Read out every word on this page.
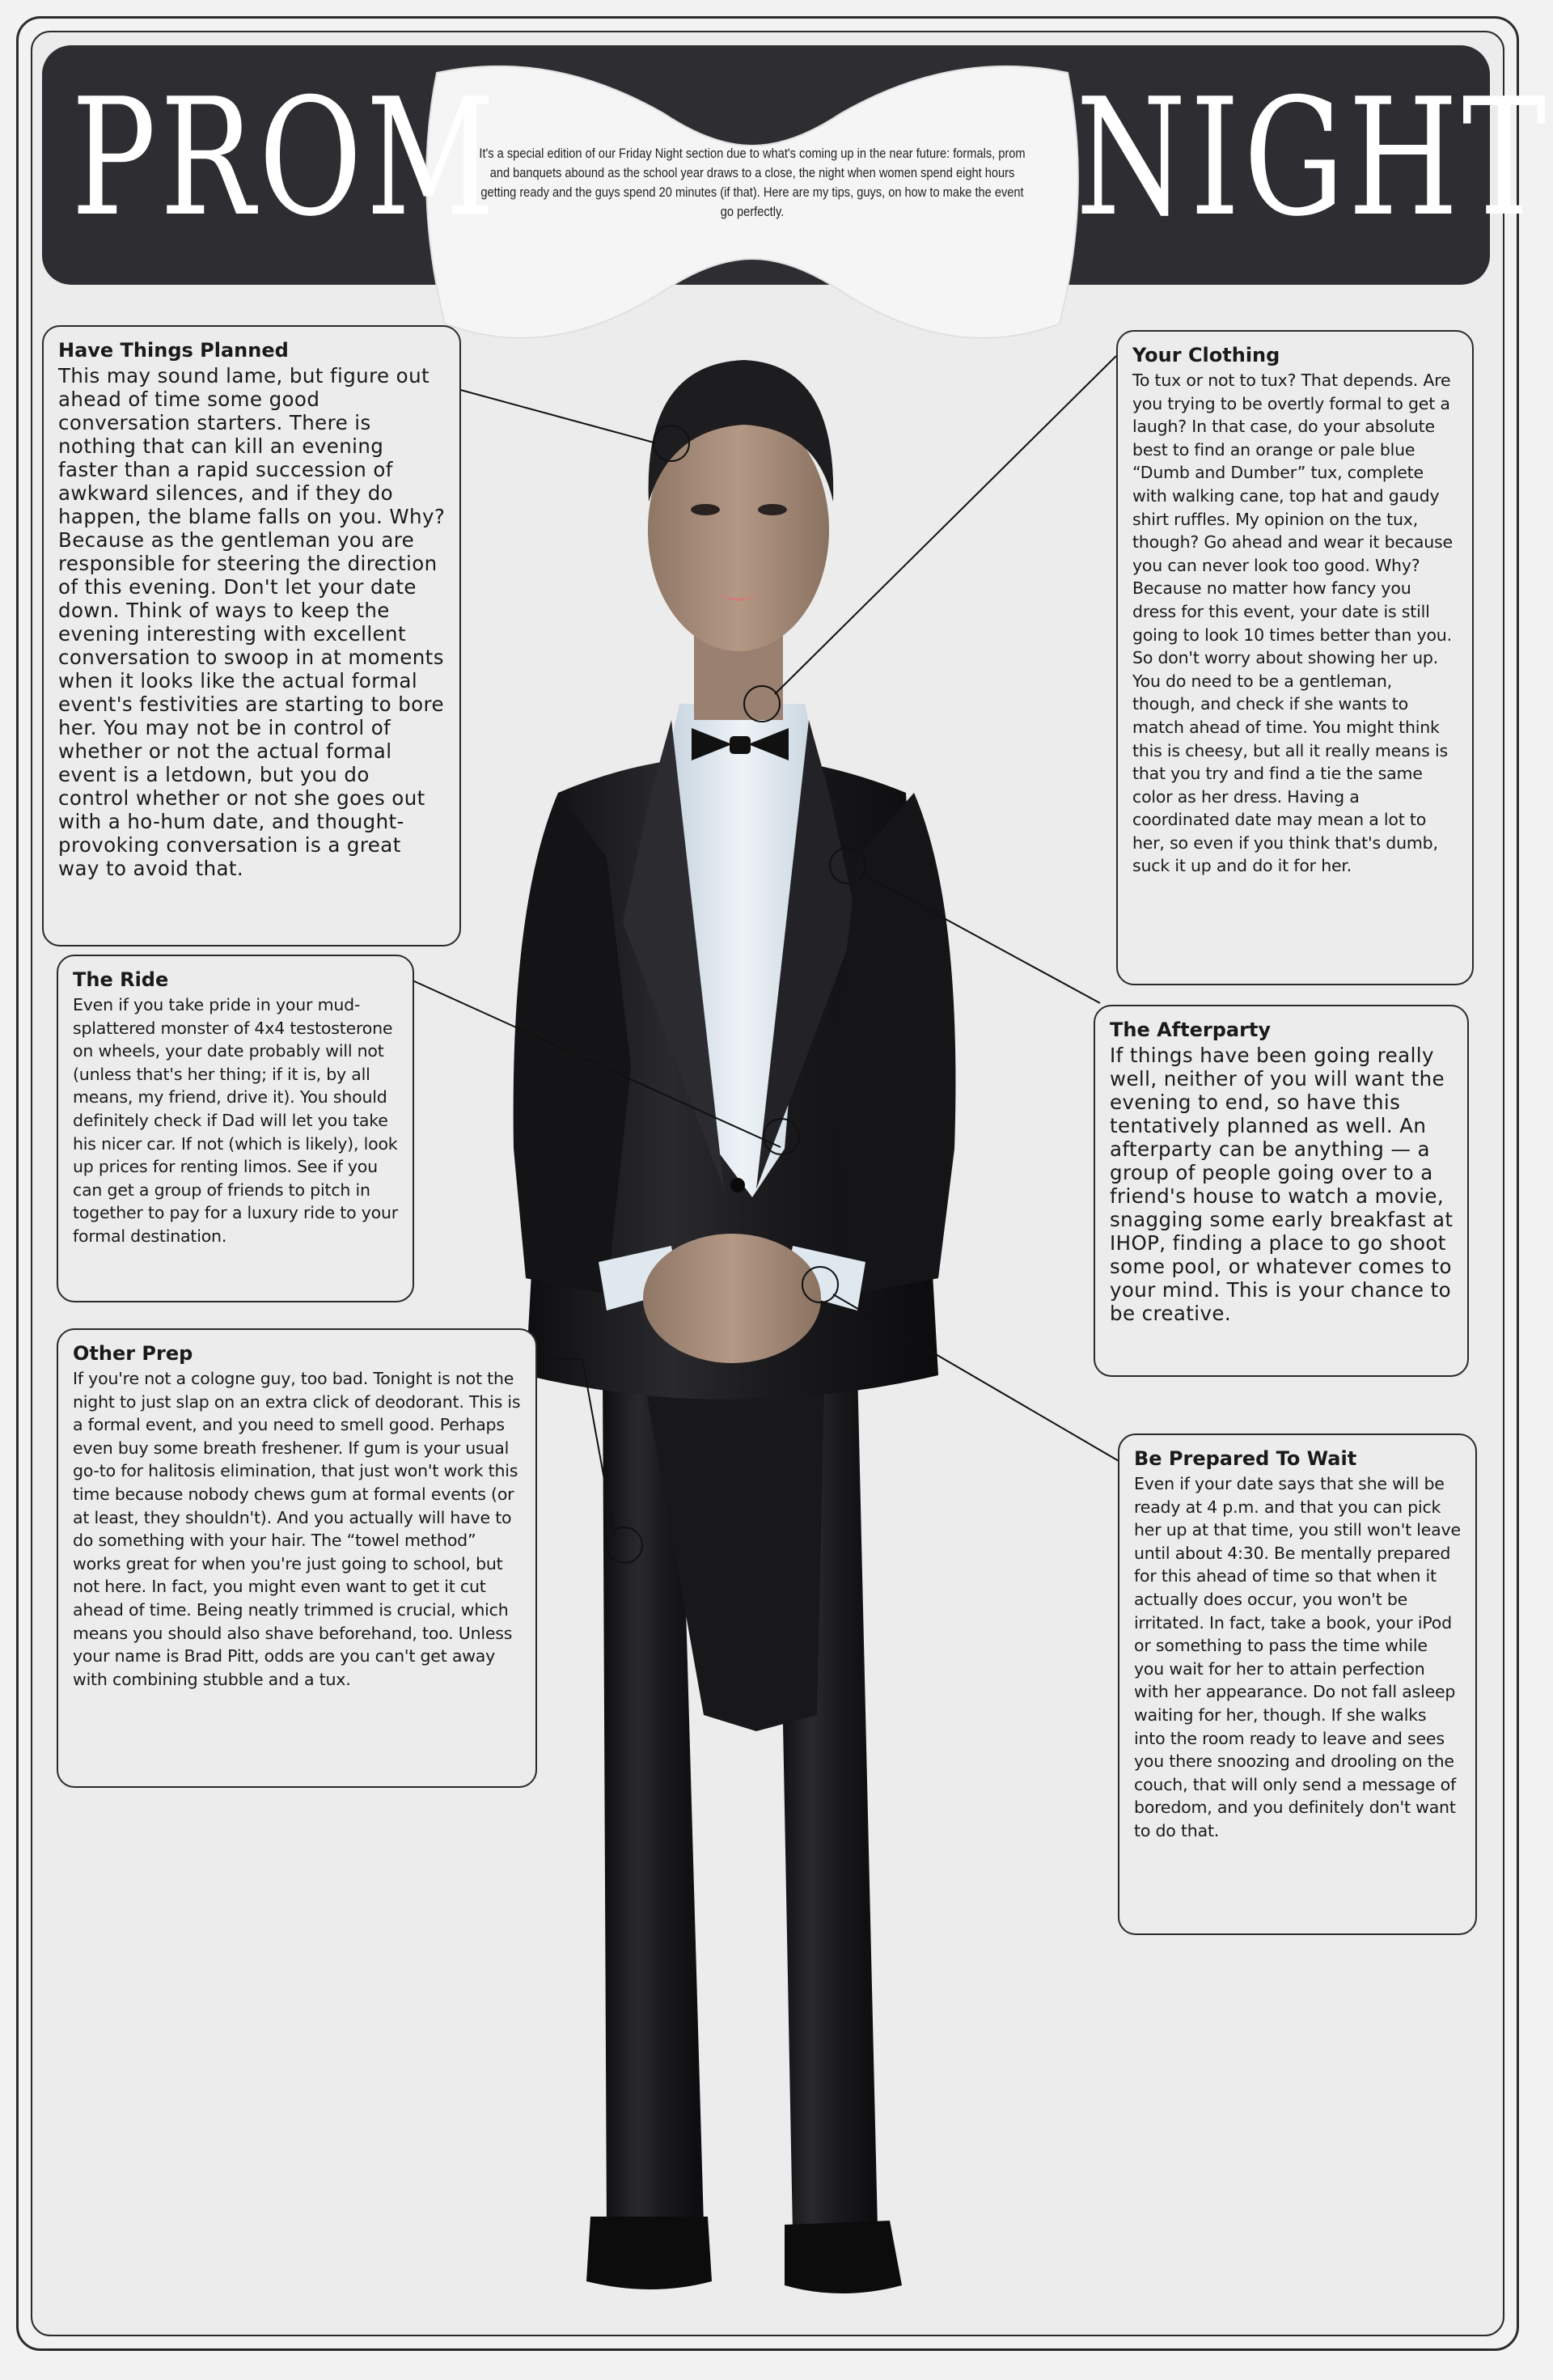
PROM	NIGHT
It's a special edition of our Friday Night section due to what's coming up in the near future: formals, prom and banquets abound as the school year draws to a close, the night when women spend eight hours getting ready and the guys spend 20 minutes (if that). Here are my tips, guys, on how to make the event go perfectly.
Have Things Planned

This may sound lame, but figure out ahead of time some good conversation starters. There is nothing that can kill an evening faster than a rapid succession of awkward silences, and if they do happen, the blame falls on you. Why? Because as the gentleman you are responsible for steering the direction of this evening. Don't let your date down. Think of ways to keep the evening interesting with excellent conversation to swoop in at moments when it looks like the actual formal event's festivities are starting to bore her. You may not be in control of whether or not the actual formal event is a letdown, but you do control whether or not she goes out with a ho-hum date, and thought-provoking conversation is a great way to avoid that.

Your Clothing

To tux or not to tux? That depends. Are you trying to be overtly formal to get a laugh? In that case, do your absolute best to find an orange or pale blue “Dumb and Dumber” tux, complete with walking cane, top hat and gaudy shirt ruffles. My opinion on the tux, though? Go ahead and wear it because you can never look too good. Why? Because no matter how fancy you dress for this event, your date is still going to look 10 times better than you. So don't worry about showing her up. You do need to be a gentleman, though, and check if she wants to match ahead of time. You might think this is cheesy, but all it really means is that you try and find a tie the same color as her dress. Having a coordinated date may mean a lot to her, so even if you think that's dumb, suck it up and do it for her.

The Ride

Even if you take pride in your mud-splattered monster of 4x4 testosterone on wheels, your date probably will not (unless that's her thing; if it is, by all means, my friend, drive it). You should definitely check if Dad will let you take his nicer car. If not (which is likely), look up prices for renting limos. See if you can get a group of friends to pitch in together to pay for a luxury ride to your formal destination.

The Afterparty

If things have been going really well, neither of you will want the evening to end, so have this tentatively planned as well. An afterparty can be anything — a group of people going over to a friend's house to watch a movie, snagging some early breakfast at IHOP, finding a place to go shoot some pool, or whatever comes to your mind. This is your chance to be creative.

Other Prep

If you're not a cologne guy, too bad. Tonight is not the night to just slap on an extra click of deodorant. This is a formal event, and you need to smell good. Perhaps even buy some breath freshener. If gum is your usual go-to for halitosis elimination, that just won't work this time because nobody chews gum at formal events (or at least, they shouldn't). And you actually will have to do something with your hair. The “towel method” works great for when you're just going to school, but not here. In fact, you might even want to get it cut ahead of time. Being neatly trimmed is crucial, which means you should also shave beforehand, too. Unless your name is Brad Pitt, odds are you can't get away with combining stubble and a tux.

Be Prepared To Wait

Even if your date says that she will be ready at 4 p.m. and that you can pick her up at that time, you still won't leave until about 4:30. Be mentally prepared for this ahead of time so that when it actually does occur, you won't be irritated. In fact, take a book, your iPod or something to pass the time while you wait for her to attain perfection with her appearance. Do not fall asleep waiting for her, though. If she walks into the room ready to leave and sees you there snoozing and drooling on the couch, that will only send a message of boredom, and you definitely don't want to do that.
